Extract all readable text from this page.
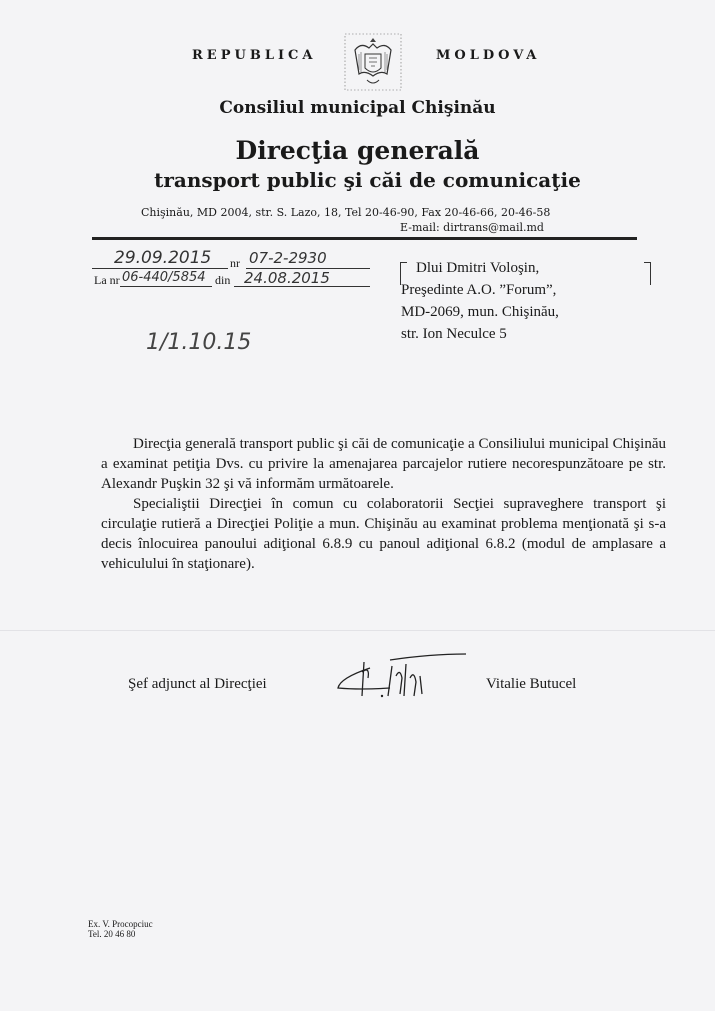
REPUBLICA	MOLDOVA
Consiliul municipal Chişinău
Direcţia generală
transport public şi căi de comunicaţie
Chişinău, MD 2004, str. S. Lazo, 18, Tel 20-46-90, Fax 20-46-66, 20-46-58
E-mail: dirtrans@mail.md
29.09.2015 nr 07-2-2930
La nr 06-440/5854 din 24.08.2015
1/1.10.15
Dlui Dmitri Voloşin,
Preşedinte A.O. ”Forum”,
MD-2069, mun. Chişinău,
str. Ion Neculce 5

Direcţia generală transport public şi căi de comunicaţie a Consiliului municipal Chişinău a examinat petiţia Dvs. cu privire la amenajarea parcajelor rutiere necorespunzătoare pe str. Alexandr Puşkin 32 şi vă informăm următoarele.

Specialiştii Direcţiei în comun cu colaboratorii Secţiei supraveghere transport şi circulaţie rutieră a Direcţiei Poliţie a mun. Chişinău au examinat problema menţionată şi s-a decis înlocuirea panoului adiţional 6.8.9 cu panoul adiţional 6.8.2 (modul de amplasare a vehiculului în staţionare).

Şef adjunct al Direcţiei	Vitalie Butucel
Ex. V. Procopciuc
Tel. 20 46 80
